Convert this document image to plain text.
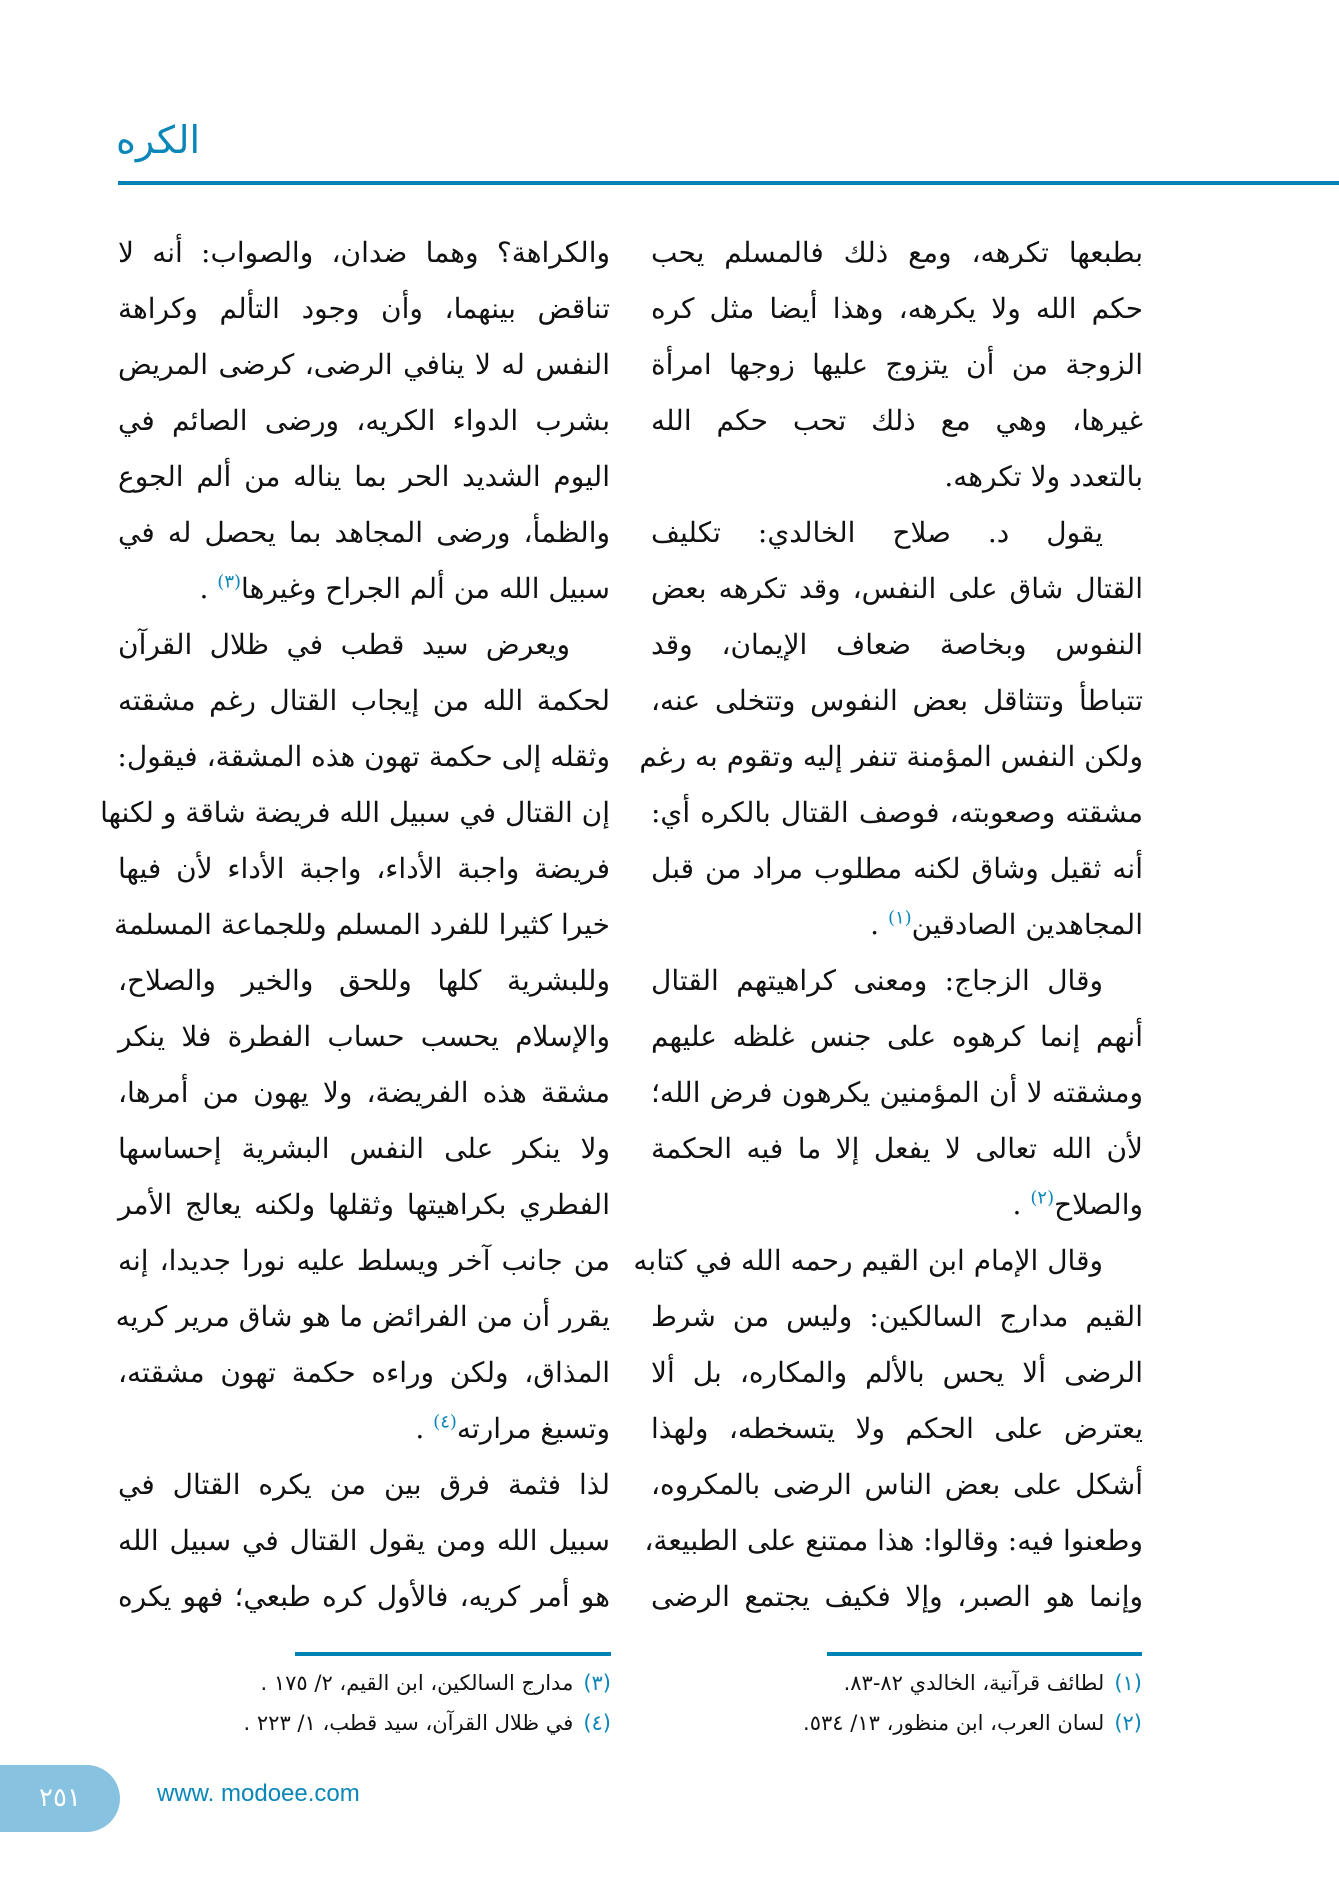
الكره
بطبعها تكرهه، ومع ذلك فالمسلم يحب
حكم الله ولا يكرهه، وهذا أيضا مثل كره
الزوجة من أن يتزوج عليها زوجها امرأة
غيرها، وهي مع ذلك تحب حكم الله
بالتعدد ولا تكرهه.
يقول د. صلاح الخالدي: تكليف
القتال شاق على النفس، وقد تكرهه بعض
النفوس وبخاصة ضعاف الإيمان، وقد
تتباطأ وتتثاقل بعض النفوس وتتخلى عنه،
ولكن النفس المؤمنة تنفر إليه وتقوم به رغم
مشقته وصعوبته، فوصف القتال بالكره أي:
أنه ثقيل وشاق لكنه مطلوب مراد من قبل
المجاهدين الصادقين$^{(١)}$ .
وقال الزجاج: ومعنى كراهيتهم القتال
أنهم إنما كرهوه على جنس غلظه عليهم
ومشقته لا أن المؤمنين يكرهون فرض الله؛
لأن الله تعالى لا يفعل إلا ما فيه الحكمة
والصلاح$^{(٢)}$ .
وقال الإمام ابن القيم رحمه الله في كتابه
القيم مدارج السالكين: وليس من شرط
الرضى ألا يحس بالألم والمكاره، بل ألا
يعترض على الحكم ولا يتسخطه، ولهذا
أشكل على بعض الناس الرضى بالمكروه،
وطعنوا فيه: وقالوا: هذا ممتنع على الطبيعة،
وإنما هو الصبر، وإلا فكيف يجتمع الرضى
والكراهة؟ وهما ضدان، والصواب: أنه لا
تناقض بينهما، وأن وجود التألم وكراهة
النفس له لا ينافي الرضى، كرضى المريض
بشرب الدواء الكريه، ورضى الصائم في
اليوم الشديد الحر بما يناله من ألم الجوع
والظمأ، ورضى المجاهد بما يحصل له في
سبيل الله من ألم الجراح وغيرها$^{(٣)}$ .
ويعرض سيد قطب في ظلال القرآن
لحكمة الله من إيجاب القتال رغم مشقته
وثقله إلى حكمة تهون هذه المشقة، فيقول:
إن القتال في سبيل الله فريضة شاقة و لكنها
فريضة واجبة الأداء، واجبة الأداء لأن فيها
خيرا كثيرا للفرد المسلم وللجماعة المسلمة
وللبشرية كلها وللحق والخير والصلاح،
والإسلام يحسب حساب الفطرة فلا ينكر
مشقة هذه الفريضة، ولا يهون من أمرها،
ولا ينكر على النفس البشرية إحساسها
الفطري بكراهيتها وثقلها ولكنه يعالج الأمر
من جانب آخر ويسلط عليه نورا جديدا، إنه
يقرر أن من الفرائض ما هو شاق مرير كريه
المذاق، ولكن وراءه حكمة تهون مشقته،
وتسيغ مرارته$^{(٤)}$ .
لذا فثمة فرق بين من يكره القتال في
سبيل الله ومن يقول القتال في سبيل الله
هو أمر كريه، فالأول كره طبعي؛ فهو يكره
(١)لطائف قرآنية، الخالدي ٨٢-٨٣.
(٢)لسان العرب، ابن منظور، ١٣/ ٥٣٤.
(٣)مدارج السالكين، ابن القيم، ٢/ ١٧٥ .
(٤)في ظلال القرآن، سيد قطب، ١/ ٢٢٣ .
٢٥١	www. modoee.com
